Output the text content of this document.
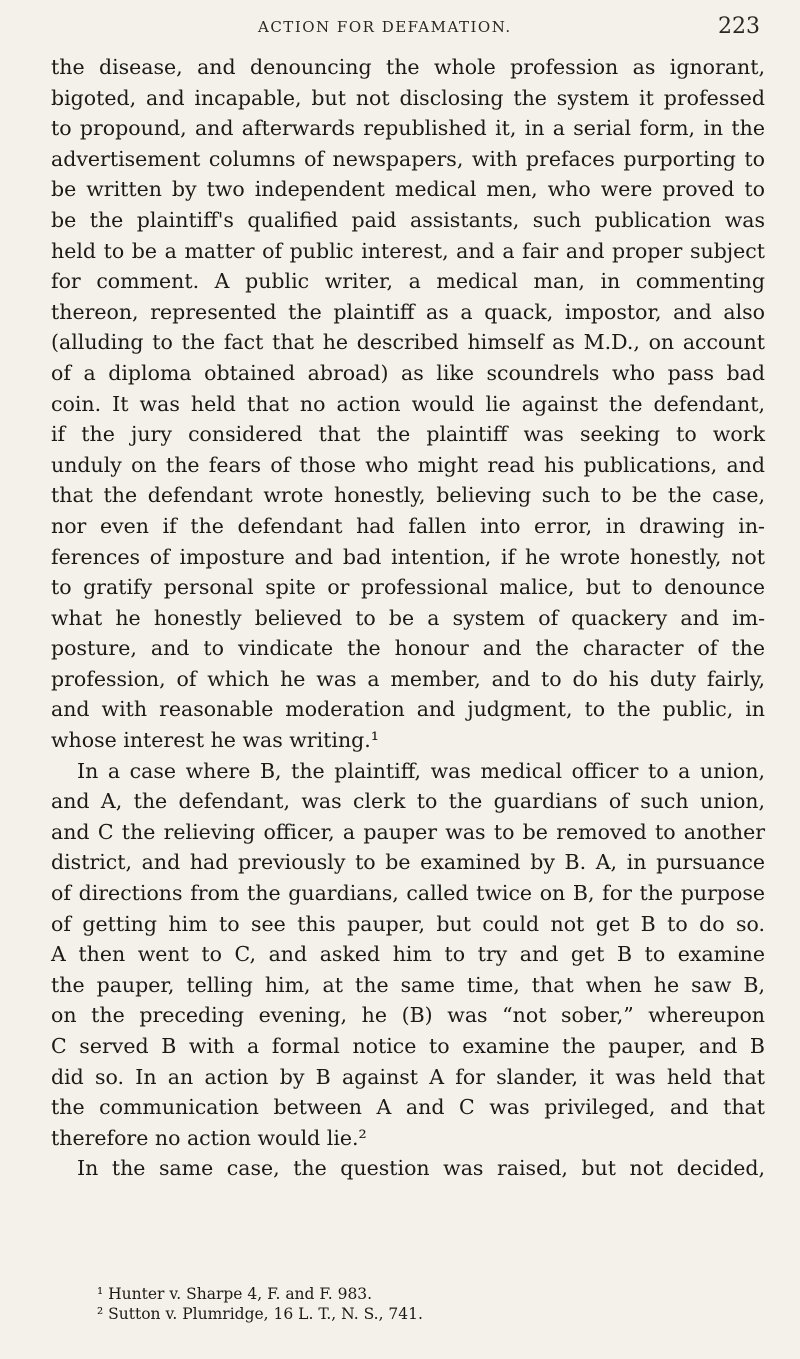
ACTION FOR DEFAMATION.	223
the disease, and denouncing the whole profession as ignorant,
bigoted, and incapable, but not disclosing the system it professed
to propound, and afterwards republished it, in a serial form, in the
advertisement columns of newspapers, with prefaces purporting to
be written by two independent medical men, who were proved to
be the plaintiff's qualified paid assistants, such publication was
held to be a matter of public interest, and a fair and proper subject
for comment. A public writer, a medical man, in commenting
thereon, represented the plaintiff as a quack, impostor, and also
(alluding to the fact that he described himself as M.D., on account
of a diploma obtained abroad) as like scoundrels who pass bad
coin. It was held that no action would lie against the defendant,
if the jury considered that the plaintiff was seeking to work
unduly on the fears of those who might read his publications, and
that the defendant wrote honestly, believing such to be the case,
nor even if the defendant had fallen into error, in drawing in-
ferences of imposture and bad intention, if he wrote honestly, not
to gratify personal spite or professional malice, but to denounce
what he honestly believed to be a system of quackery and im-
posture, and to vindicate the honour and the character of the
profession, of which he was a member, and to do his duty fairly,
and with reasonable moderation and judgment, to the public, in
whose interest he was writing.¹
In a case where B, the plaintiff, was medical officer to a union,
and A, the defendant, was clerk to the guardians of such union,
and C the relieving officer, a pauper was to be removed to another
district, and had previously to be examined by B. A, in pursuance
of directions from the guardians, called twice on B, for the purpose
of getting him to see this pauper, but could not get B to do so.
A then went to C, and asked him to try and get B to examine
the pauper, telling him, at the same time, that when he saw B,
on the preceding evening, he (B) was “not sober,” whereupon
C served B with a formal notice to examine the pauper, and B
did so. In an action by B against A for slander, it was held that
the communication between A and C was privileged, and that
therefore no action would lie.²
In the same case, the question was raised, but not decided,
¹ Hunter v. Sharpe 4, F. and F. 983.
² Sutton v. Plumridge, 16 L. T., N. S., 741.
